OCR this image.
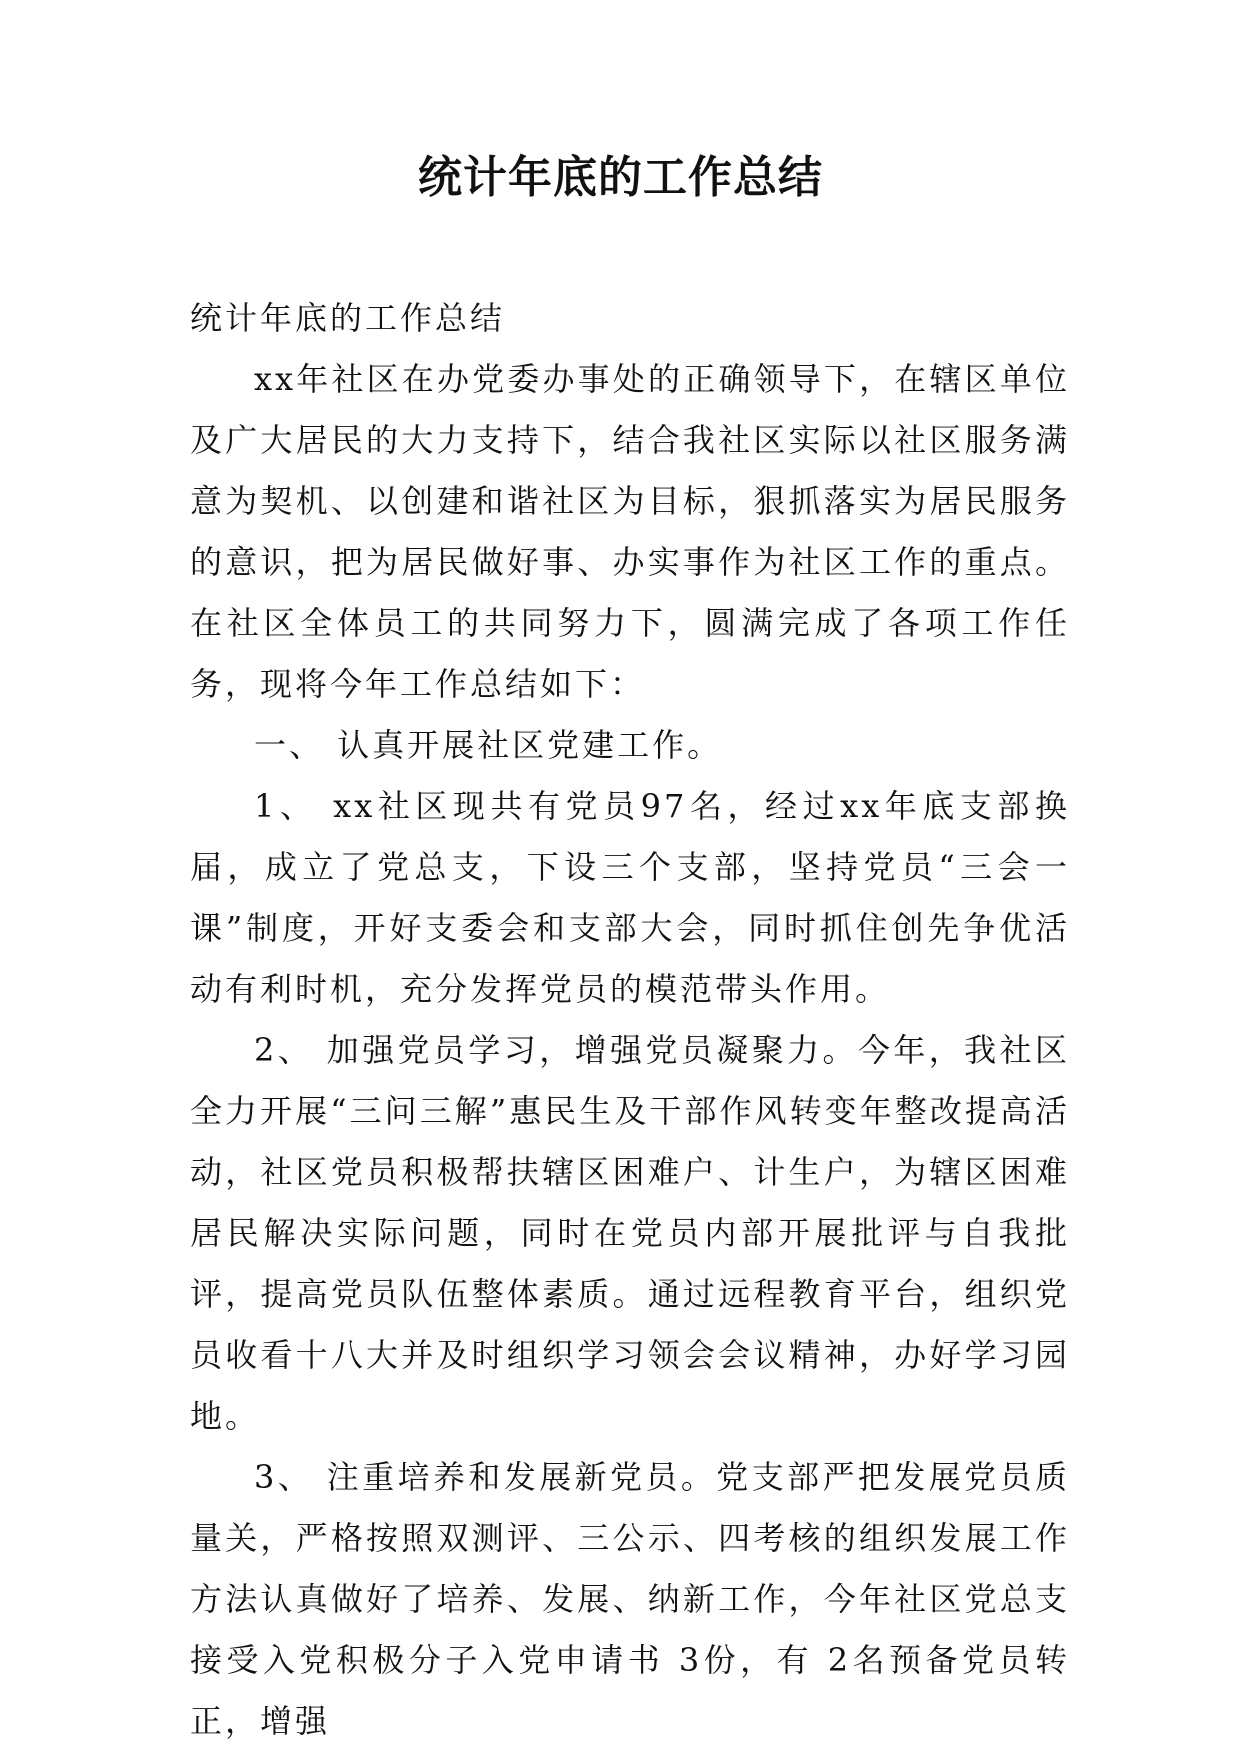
统计年底的工作总结

统计年底的工作总结

xx年社区在办党委办事处的正确领导下，在辖区单位及广大居民的大力支持下，结合我社区实际以社区服务满意为契机、以创建和谐社区为目标，狠抓落实为居民服务的意识，把为居民做好事、办实事作为社区工作的重点。在社区全体员工的共同努力下，圆满完成了各项工作任务，现将今年工作总结如下：

一、 认真开展社区党建工作。

1、 xx社区现共有党员97名，经过xx年底支部换届，成立了党总支，下设三个支部，坚持党员“三会一课”制度，开好支委会和支部大会，同时抓住创先争优活动有利时机，充分发挥党员的模范带头作用。

2、 加强党员学习，增强党员凝聚力。今年，我社区全力开展“三问三解”惠民生及干部作风转变年整改提高活动，社区党员积极帮扶辖区困难户、计生户，为辖区困难居民解决实际问题，同时在党员内部开展批评与自我批评，提高党员队伍整体素质。通过远程教育平台，组织党员收看十八大并及时组织学习领会会议精神，办好学习园地。

3、 注重培养和发展新党员。党支部严把发展党员质量关，严格按照双测评、三公示、四考核的组织发展工作方法认真做好了培养、发展、纳新工作，今年社区党总支接受入党积极分子入党申请书 3份，有 2名预备党员转正，增强
